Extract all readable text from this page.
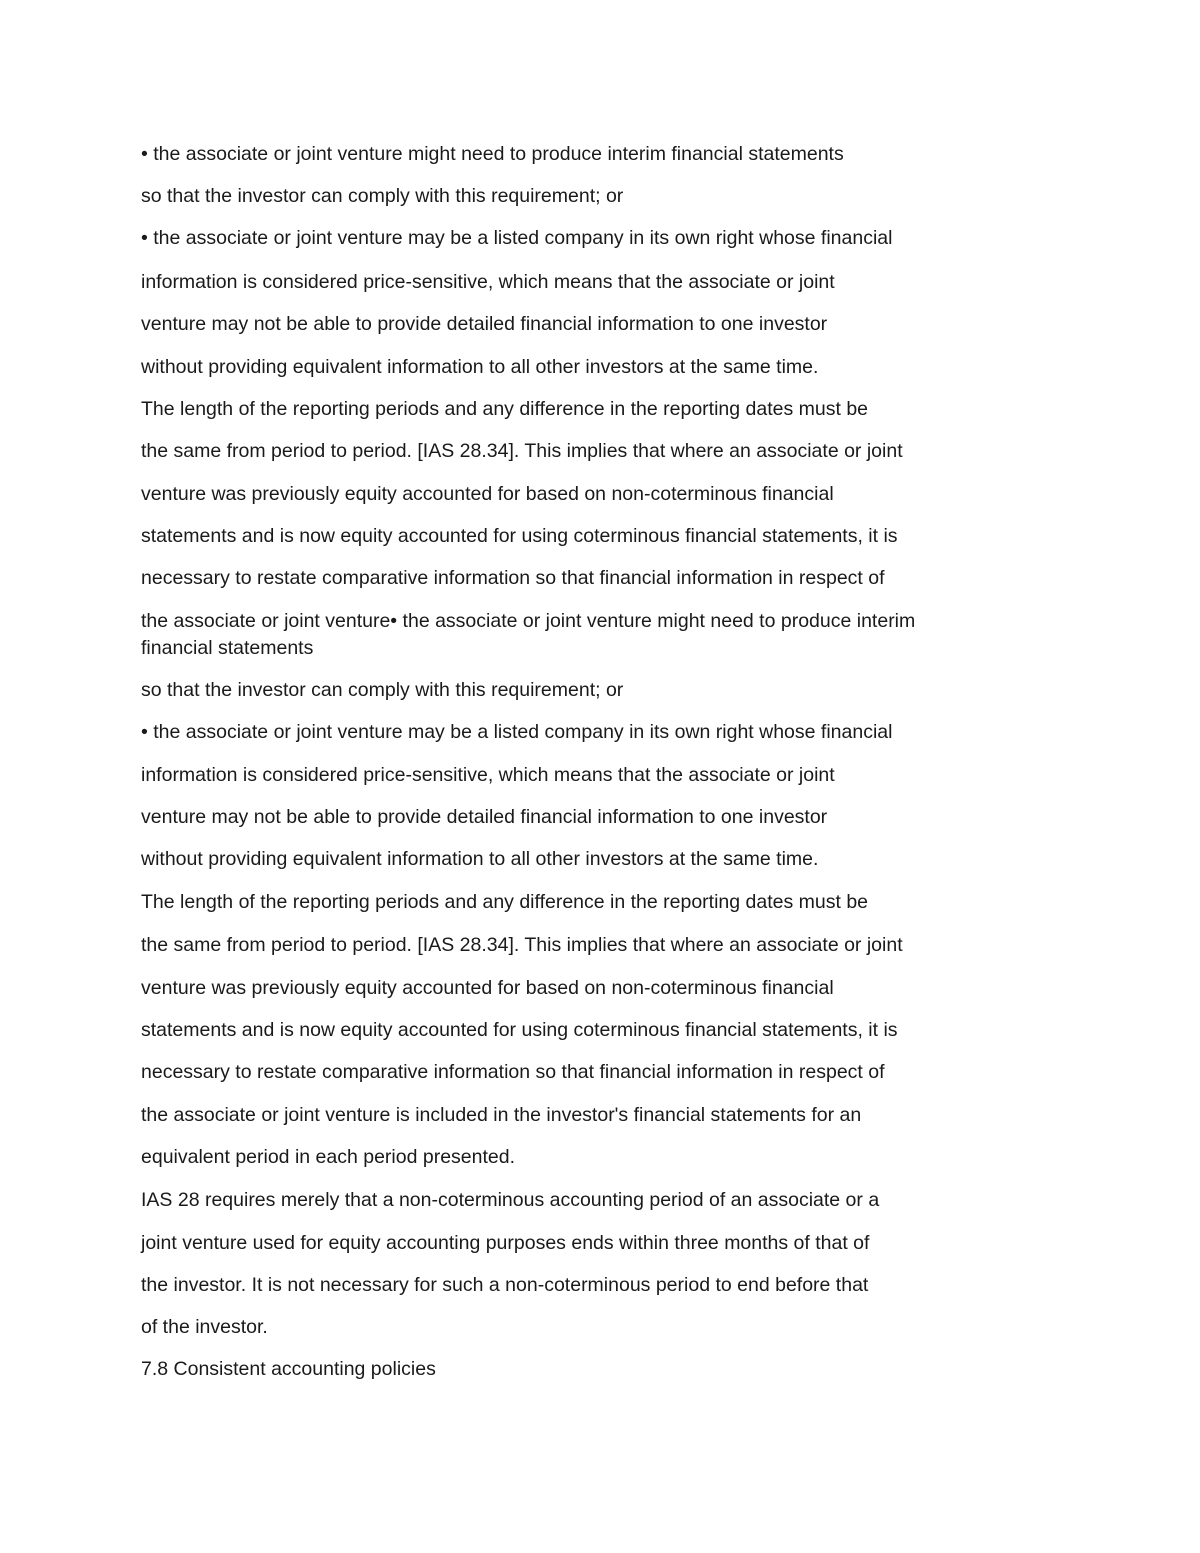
• the associate or joint venture might need to produce interim financial statements

so that the investor can comply with this requirement; or

• the associate or joint venture may be a listed company in its own right whose financial

information is considered price-sensitive, which means that the associate or joint

venture may not be able to provide detailed financial information to one investor

without providing equivalent information to all other investors at the same time.

The length of the reporting periods and any difference in the reporting dates must be

the same from period to period. [IAS 28.34]. This implies that where an associate or joint

venture was previously equity accounted for based on non-coterminous financial

statements and is now equity accounted for using coterminous financial statements, it is

necessary to restate comparative information so that financial information in respect of

the associate or joint venture• the associate or joint venture might need to produce interim

financial statements

so that the investor can comply with this requirement; or

• the associate or joint venture may be a listed company in its own right whose financial

information is considered price-sensitive, which means that the associate or joint

venture may not be able to provide detailed financial information to one investor

without providing equivalent information to all other investors at the same time.

The length of the reporting periods and any difference in the reporting dates must be

the same from period to period. [IAS 28.34]. This implies that where an associate or joint

venture was previously equity accounted for based on non-coterminous financial

statements and is now equity accounted for using coterminous financial statements, it is

necessary to restate comparative information so that financial information in respect of

the associate or joint venture is included in the investor's financial statements for an

equivalent period in each period presented.

IAS 28 requires merely that a non-coterminous accounting period of an associate or a

joint venture used for equity accounting purposes ends within three months of that of

the investor. It is not necessary for such a non-coterminous period to end before that

of the investor.

7.8 Consistent accounting policies
